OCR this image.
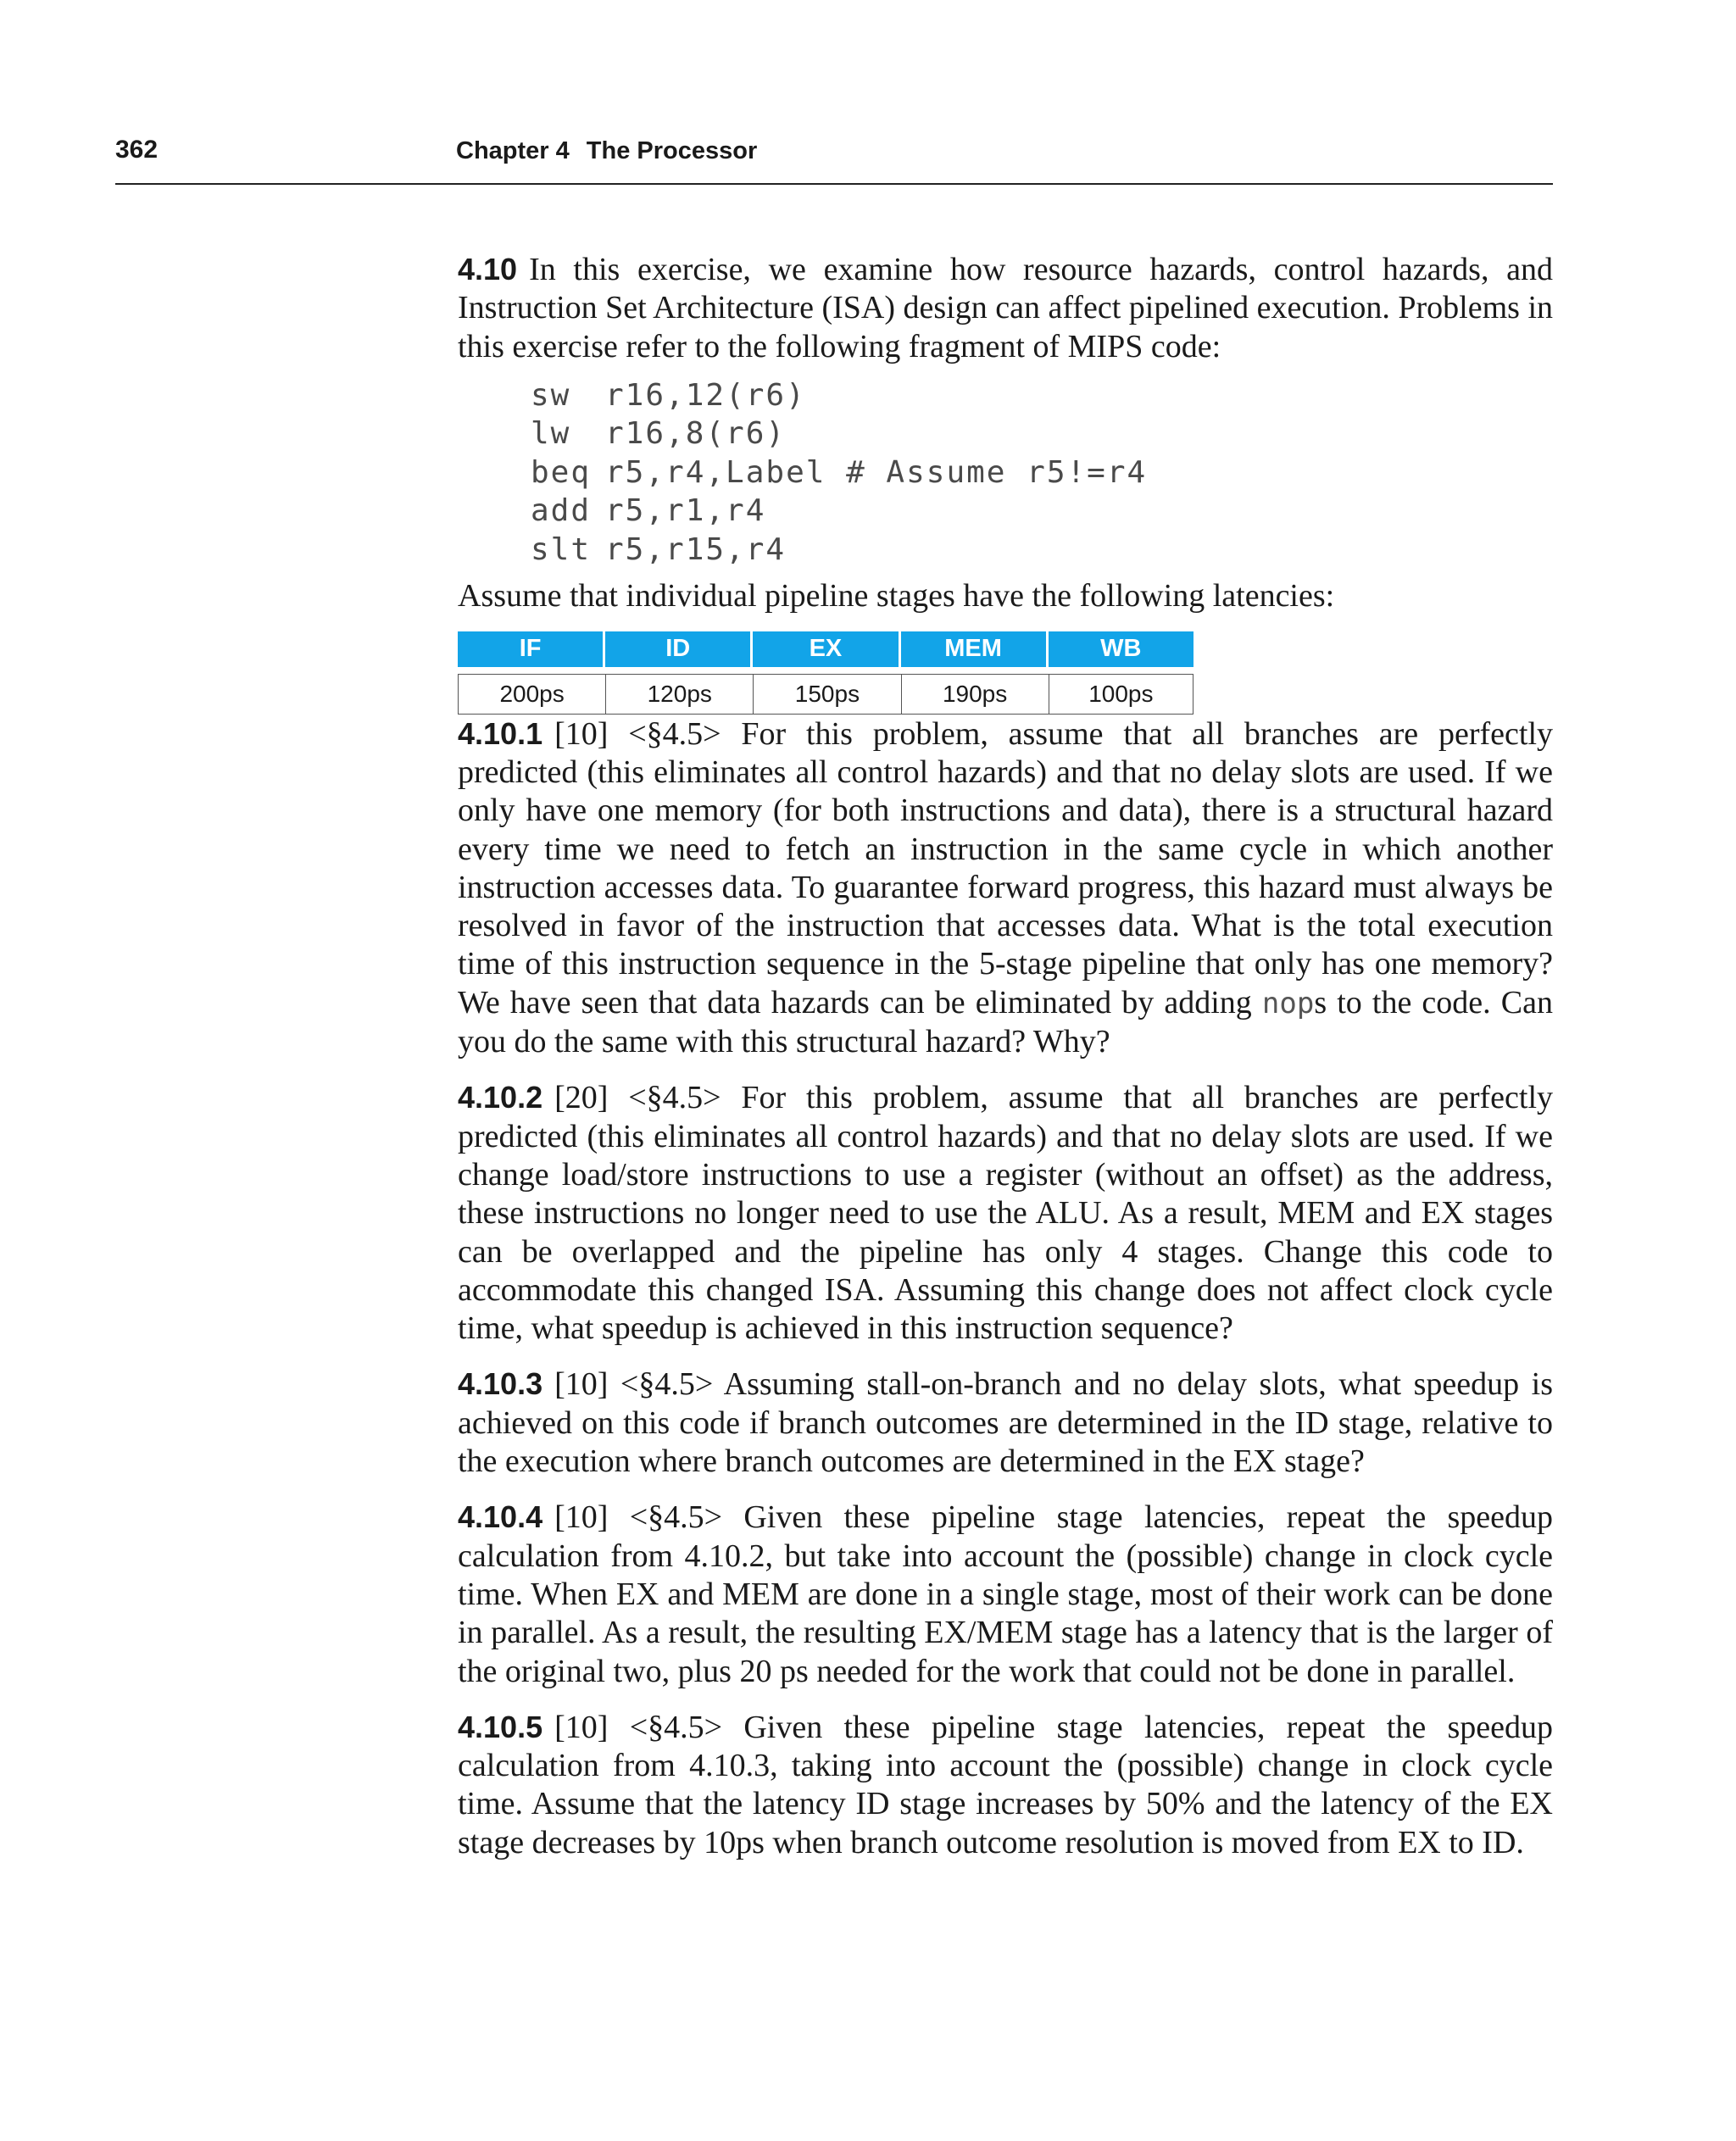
362	Chapter 4 The Processor

4.10 In this exercise, we examine how resource hazards, control hazards, and Instruction Set Architecture (ISA) design can affect pipelined execution. Problems in this exercise refer to the following fragment of MIPS code:

sw r16,12(r6)
lw r16,8(r6)
beq r5,r4,Label # Assume r5!=r4
add r5,r1,r4
slt r5,r15,r4

Assume that individual pipeline stages have the following latencies:

IF	ID	EX	MEM	WB

200ps	120ps	150ps	190ps	100ps

4.10.1 [10] <§4.5> For this problem, assume that all branches are perfectly predicted (this eliminates all control hazards) and that no delay slots are used. If we only have one memory (for both instructions and data), there is a structural hazard every time we need to fetch an instruction in the same cycle in which another instruction accesses data. To guarantee forward progress, this hazard must always be resolved in favor of the instruction that accesses data. What is the total execution time of this instruction sequence in the 5-stage pipeline that only has one memory? We have seen that data hazards can be eliminated by adding nops to the code. Can you do the same with this structural hazard? Why?

4.10.2 [20] <§4.5> For this problem, assume that all branches are perfectly predicted (this eliminates all control hazards) and that no delay slots are used. If we change load/store instructions to use a register (without an offset) as the address, these instructions no longer need to use the ALU. As a result, MEM and EX stages can be overlapped and the pipeline has only 4 stages. Change this code to accommodate this changed ISA. Assuming this change does not affect clock cycle time, what speedup is achieved in this instruction sequence?

4.10.3 [10] <§4.5> Assuming stall-on-branch and no delay slots, what speedup is achieved on this code if branch outcomes are determined in the ID stage, relative to the execution where branch outcomes are determined in the EX stage?

4.10.4 [10] <§4.5> Given these pipeline stage latencies, repeat the speedup calculation from 4.10.2, but take into account the (possible) change in clock cycle time. When EX and MEM are done in a single stage, most of their work can be done in parallel. As a result, the resulting EX/MEM stage has a latency that is the larger of the original two, plus 20 ps needed for the work that could not be done in parallel.

4.10.5 [10] <§4.5> Given these pipeline stage latencies, repeat the speedup calculation from 4.10.3, taking into account the (possible) change in clock cycle time. Assume that the latency ID stage increases by 50% and the latency of the EX stage decreases by 10ps when branch outcome resolution is moved from EX to ID.
